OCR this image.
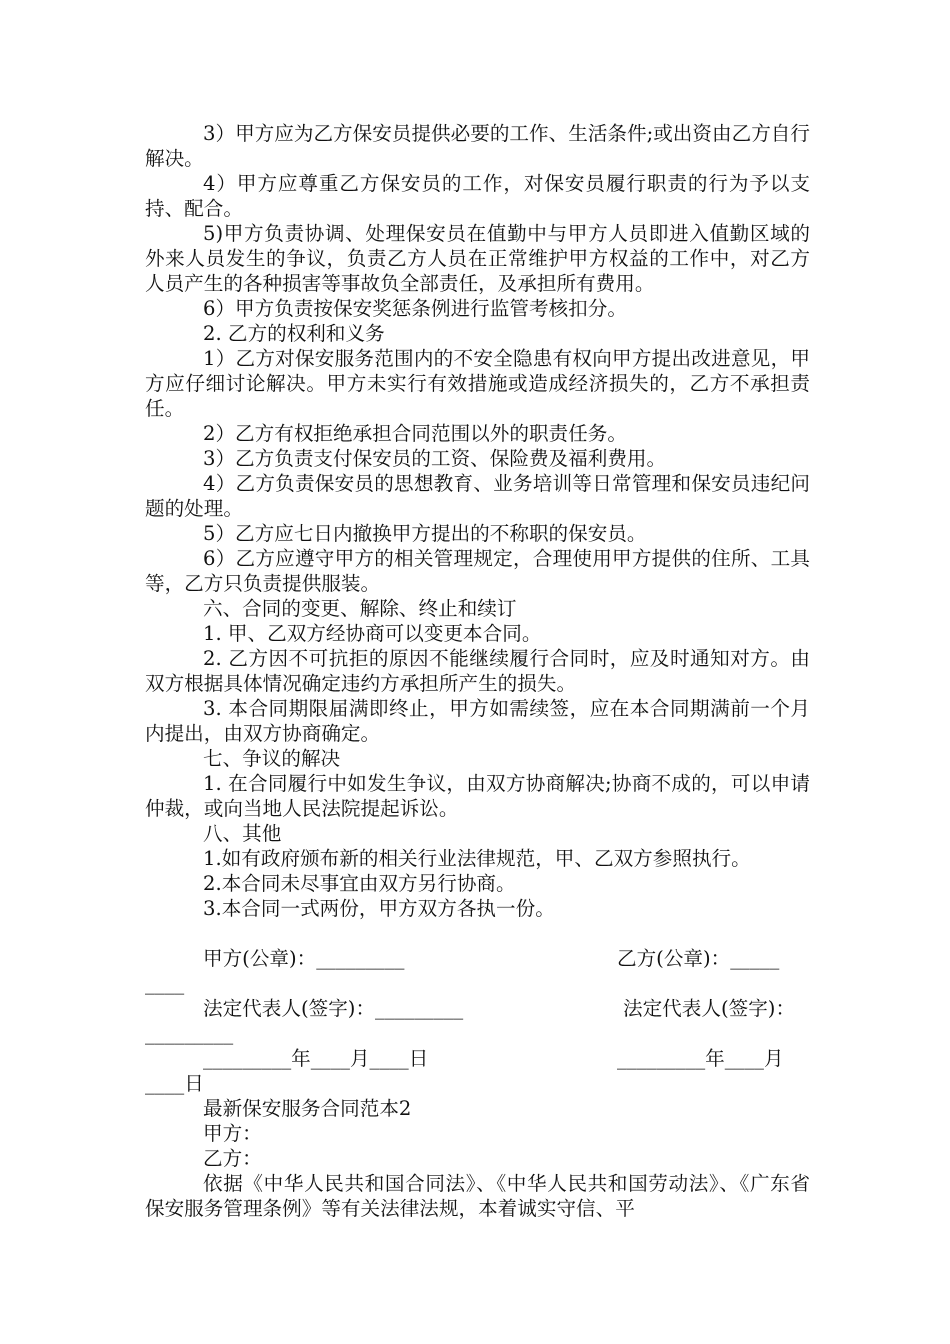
3）甲方应为乙方保安员提供必要的工作、生活条件;或出资由乙方自行解决。

4）甲方应尊重乙方保安员的工作，对保安员履行职责的行为予以支持、配合。

5)甲方负责协调、处理保安员在值勤中与甲方人员即进入值勤区域的外来人员发生的争议，负责乙方人员在正常维护甲方权益的工作中，对乙方人员产生的各种损害等事故负全部责任，及承担所有费用。

6）甲方负责按保安奖惩条例进行监管考核扣分。

2. 乙方的权利和义务

1）乙方对保安服务范围内的不安全隐患有权向甲方提出改进意见，甲方应仔细讨论解决。甲方未实行有效措施或造成经济损失的，乙方不承担责任。

2）乙方有权拒绝承担合同范围以外的职责任务。

3）乙方负责支付保安员的工资、保险费及福利费用。

4）乙方负责保安员的思想教育、业务培训等日常管理和保安员违纪问题的处理。

5）乙方应七日内撤换甲方提出的不称职的保安员。

6）乙方应遵守甲方的相关管理规定，合理使用甲方提供的住所、工具等，乙方只负责提供服装。

六、合同的变更、解除、终止和续订

1. 甲、乙双方经协商可以变更本合同。

2. 乙方因不可抗拒的原因不能继续履行合同时，应及时通知对方。由双方根据具体情况确定违约方承担所产生的损失。

3. 本合同期限届满即终止，甲方如需续签，应在本合同期满前一个月内提出，由双方协商确定。

七、争议的解决

1. 在合同履行中如发生争议，由双方协商解决;协商不成的，可以申请仲裁，或向当地人民法院提起诉讼。

八、其他

1.如有政府颁布新的相关行业法律规范，甲、乙双方参照执行。

2.本合同未尽事宜由双方另行协商。

3.本合同一式两份，甲方双方各执一份。

甲方(公章)：_________	乙方(公章)：_____
____
法定代表人(签字)：_________	法定代表人(签字)：
_________
_________年____月____日	_________年____月
____日

最新保安服务合同范本2

甲方：

乙方：

依据《中华人民共和国合同法》、《中华人民共和国劳动法》、《广东省保安服务管理条例》等有关法律法规，本着诚实守信、平
